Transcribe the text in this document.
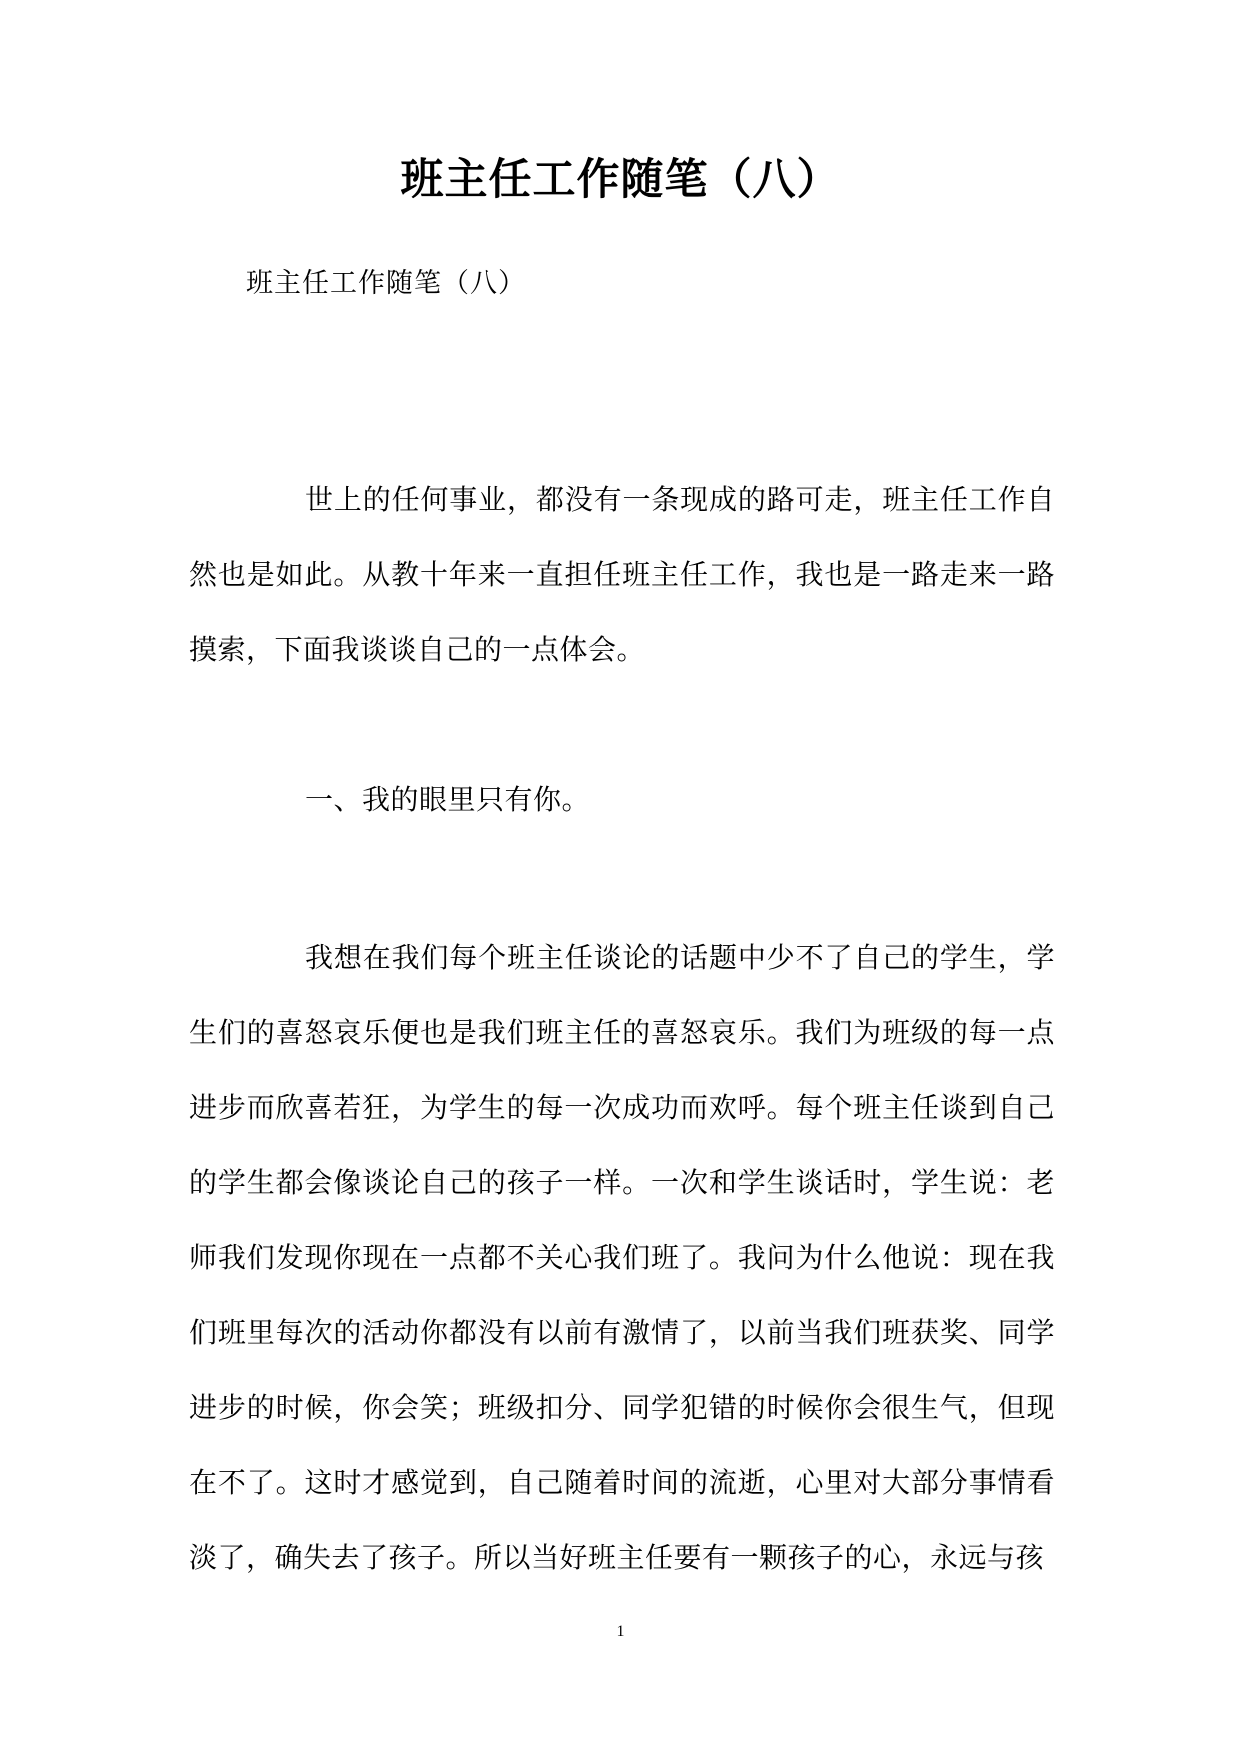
班主任工作随笔（八）

班主任工作随笔（八）

世上的任何事业，都没有一条现成的路可走，班主任工作自然也是如此。从教十年来一直担任班主任工作，我也是一路走来一路摸索，下面我谈谈自己的一点体会。

一、我的眼里只有你。

我想在我们每个班主任谈论的话题中少不了自己的学生，学生们的喜怒哀乐便也是我们班主任的喜怒哀乐。我们为班级的每一点进步而欣喜若狂，为学生的每一次成功而欢呼。每个班主任谈到自己的学生都会像谈论自己的孩子一样。一次和学生谈话时，学生说：老师我们发现你现在一点都不关心我们班了。我问为什么他说：现在我们班里每次的活动你都没有以前有激情了，以前当我们班获奖、同学进步的时候，你会笑；班级扣分、同学犯错的时候你会很生气，但现在不了。这时才感觉到，自己随着时间的流逝，心里对大部分事情看淡了，确失去了孩子。所以当好班主任要有一颗孩子的心，永远与孩

1
